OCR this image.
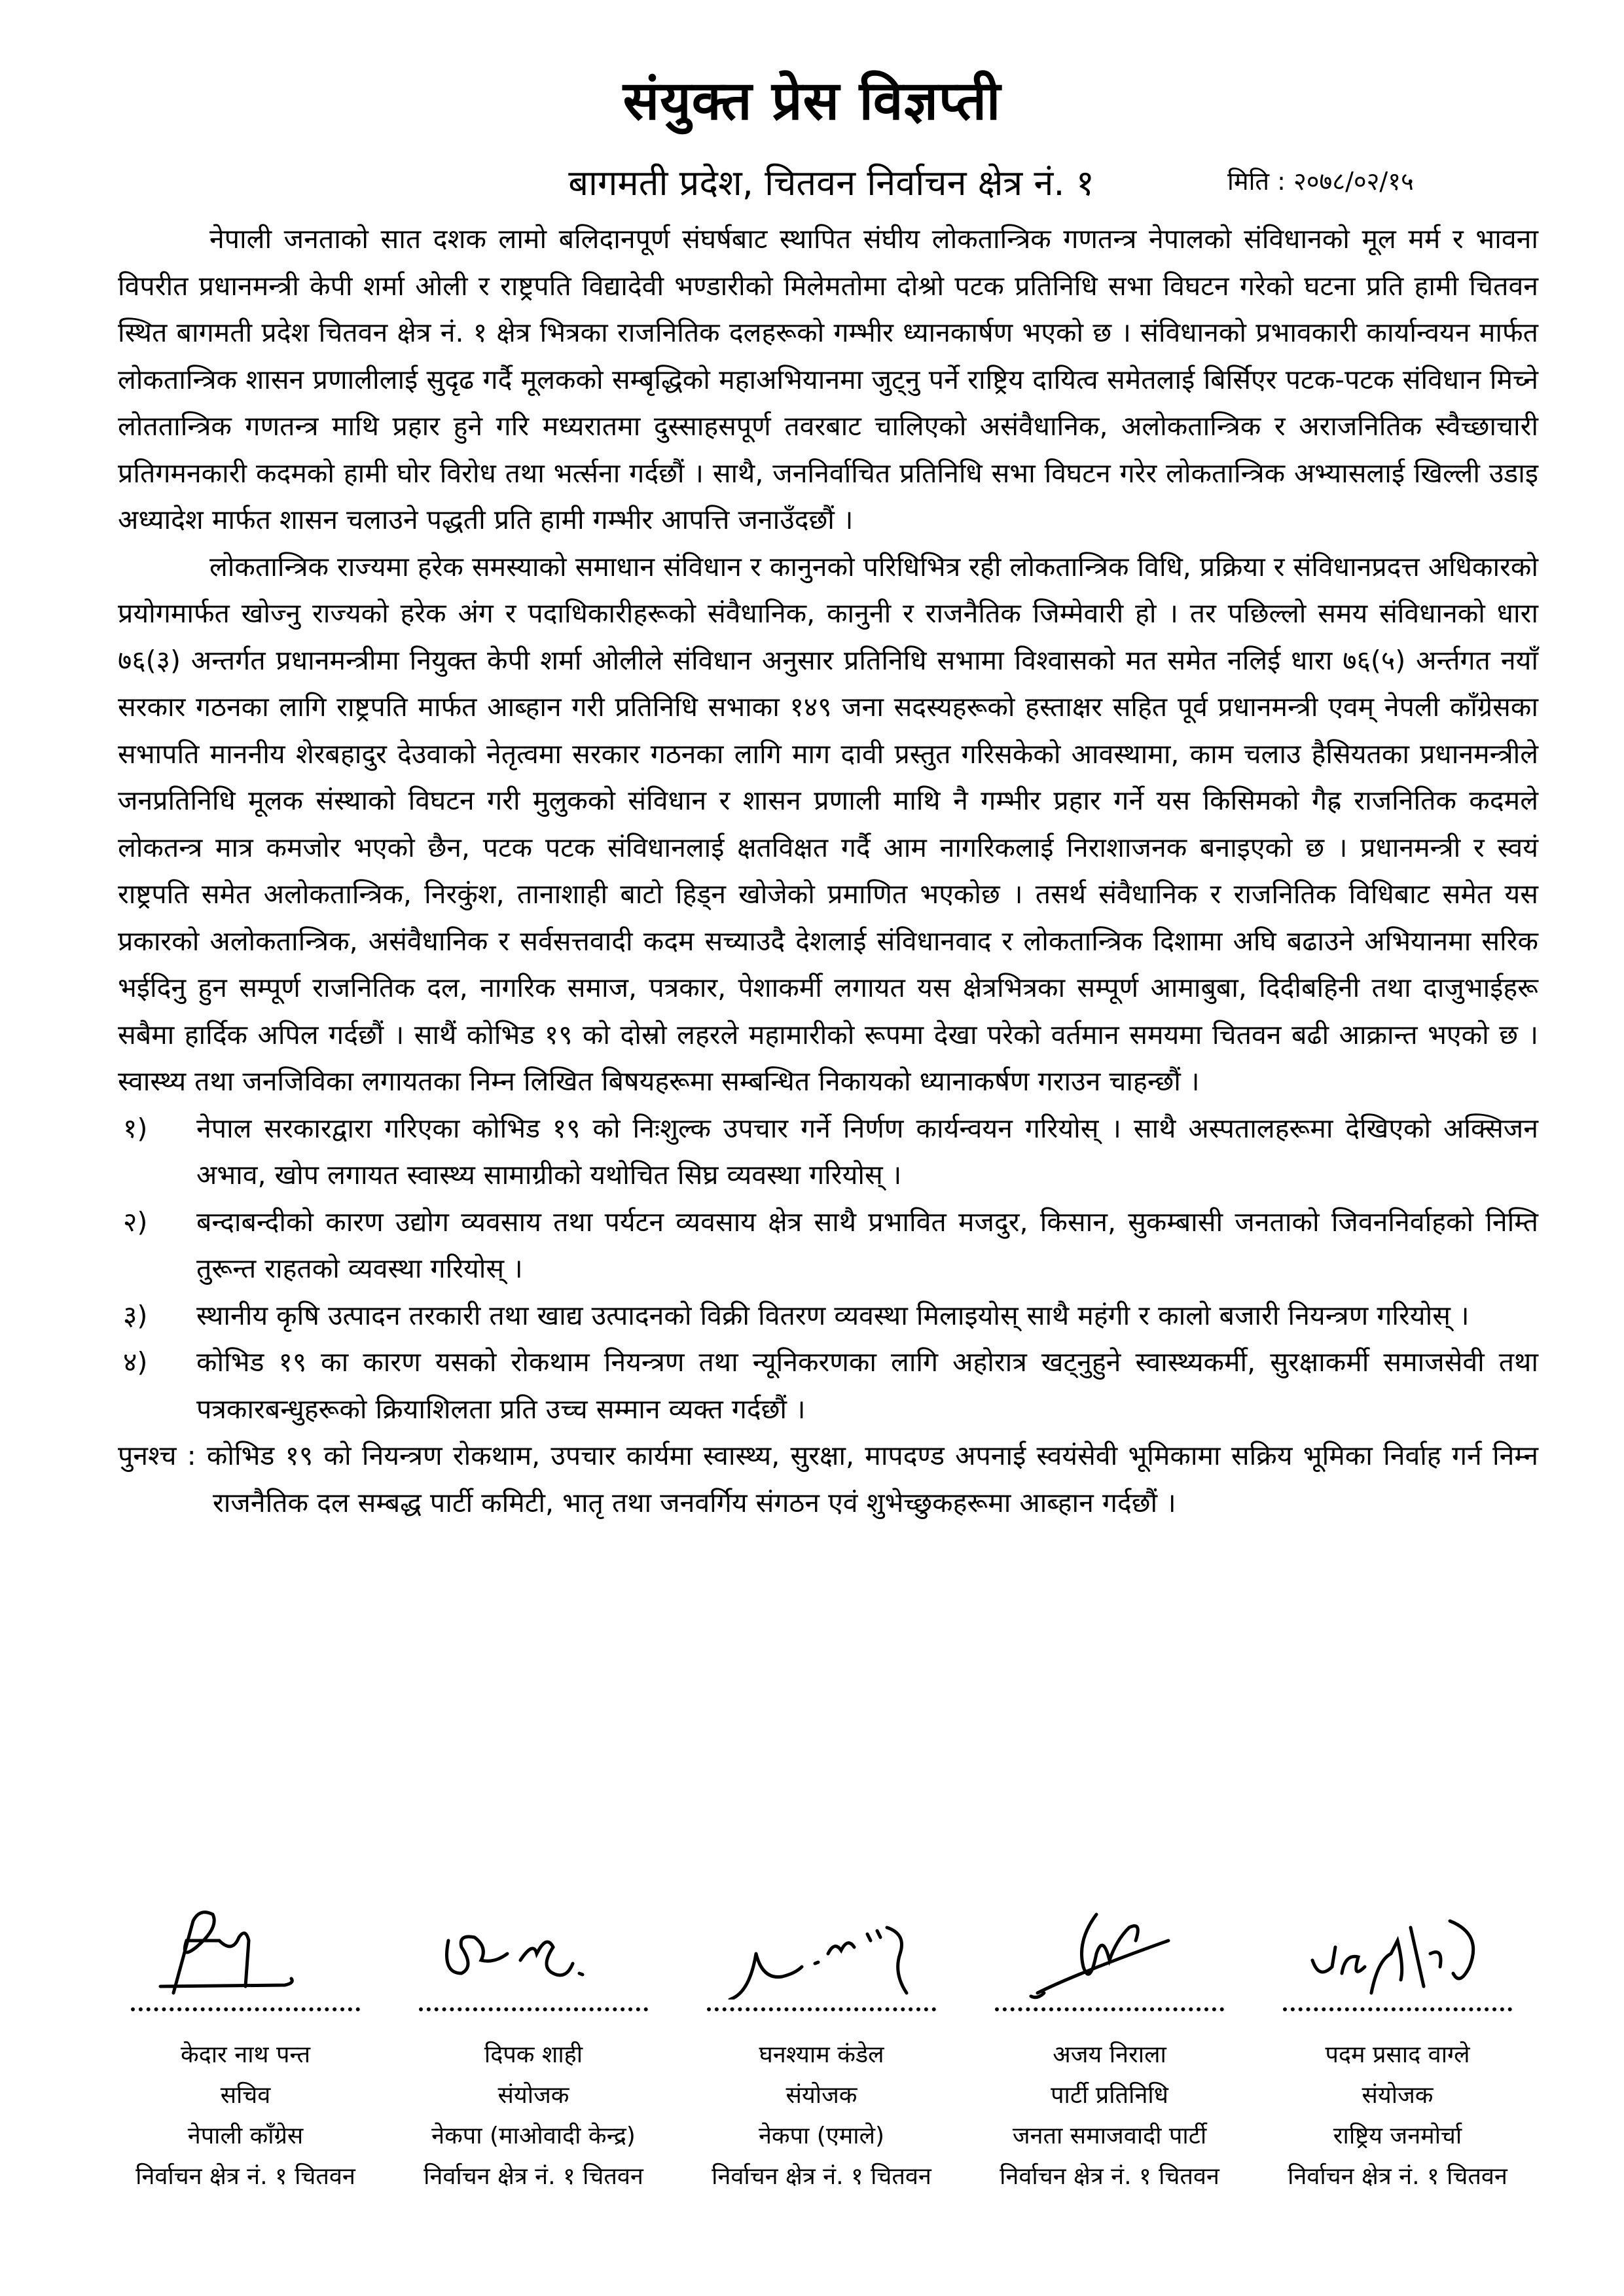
संयुक्त प्रेस विज्ञप्ती
बागमती प्रदेश, चितवन निर्वाचन क्षेत्र नं. १	मिति : २०७८/०२/१५

नेपाली जनताको सात दशक लामो बलिदानपूर्ण संघर्षबाट स्थापित संघीय लोकतान्त्रिक गणतन्त्र नेपालको संविधानको मूल मर्म र भावना विपरीत प्रधानमन्त्री केपी शर्मा ओली र राष्ट्रपति विद्यादेवी भण्डारीको मिलेमतोमा दोश्रो पटक प्रतिनिधि सभा विघटन गरेको घटना प्रति हामी चितवन स्थित बागमती प्रदेश चितवन क्षेत्र नं. १ क्षेत्र भित्रका राजनितिक दलहरूको गम्भीर ध्यानकार्षण भएको छ । संविधानको प्रभावकारी कार्यान्वयन मार्फत लोकतान्त्रिक शासन प्रणालीलाई सुदृढ गर्दै मूलकको सम्बृद्धिको महाअभियानमा जुट्नु पर्ने राष्ट्रिय दायित्व समेतलाई बिर्सिएर पटक-पटक संविधान मिच्ने लोततान्त्रिक गणतन्त्र माथि प्रहार हुने गरि मध्यरातमा दुस्साहसपूर्ण तवरबाट चालिएको असंवैधानिक, अलोकतान्त्रिक र अराजनितिक स्वैच्छाचारी प्रतिगमनकारी कदमको हामी घोर विरोध तथा भर्त्सना गर्दछौं । साथै, जननिर्वाचित प्रतिनिधि सभा विघटन गरेर लोकतान्त्रिक अभ्यासलाई खिल्ली उडाइ अध्यादेश मार्फत शासन चलाउने पद्धती प्रति हामी गम्भीर आपत्ति जनाउँदछौं ।

लोकतान्त्रिक राज्यमा हरेक समस्याको समाधान संविधान र कानुनको परिधिभित्र रही लोकतान्त्रिक विधि, प्रक्रिया र संविधानप्रदत्त अधिकारको प्रयोगमार्फत खोज्नु राज्यको हरेक अंग र पदाधिकारीहरूको संवैधानिक, कानुनी र राजनैतिक जिम्मेवारी हो । तर पछिल्लो समय संविधानको धारा ७६(३) अन्तर्गत प्रधानमन्त्रीमा नियुक्त केपी शर्मा ओलीले संविधान अनुसार प्रतिनिधि सभामा विश्वासको मत समेत नलिई धारा ७६(५) अर्न्तगत नयाँ सरकार गठनका लागि राष्ट्रपति मार्फत आब्हान गरी प्रतिनिधि सभाका १४९ जना सदस्यहरूको हस्ताक्षर सहित पूर्व प्रधानमन्त्री एवम् नेपली काँग्रेसका सभापति माननीय शेरबहादुर देउवाको नेतृत्वमा सरकार गठनका लागि माग दावी प्रस्तुत गरिसकेको आवस्थामा, काम चलाउ हैसियतका प्रधानमन्त्रीले जनप्रतिनिधि मूलक संस्थाको विघटन गरी मुलुकको संविधान र शासन प्रणाली माथि नै गम्भीर प्रहार गर्ने यस किसिमको गैह्र राजनितिक कदमले लोकतन्त्र मात्र कमजोर भएको छैन, पटक पटक संविधानलाई क्षतविक्षत गर्दै आम नागरिकलाई निराशाजनक बनाइएको छ । प्रधानमन्त्री र स्वयं राष्ट्रपति समेत अलोकतान्त्रिक, निरकुंश, तानाशाही बाटो हिड्न खोजेको प्रमाणित भएकोछ । तसर्थ संवैधानिक र राजनितिक विधिबाट समेत यस प्रकारको अलोकतान्त्रिक, असंवैधानिक र सर्वसत्तवादी कदम सच्याउदै देशलाई संविधानवाद र लोकतान्त्रिक दिशामा अघि बढाउने अभियानमा सरिक भईदिनु हुन सम्पूर्ण राजनितिक दल, नागरिक समाज, पत्रकार, पेशाकर्मी लगायत यस क्षेत्रभित्रका सम्पूर्ण आमाबुबा, दिदीबहिनी तथा दाजुभाईहरू सबैमा हार्दिक अपिल गर्दछौं । साथैं कोभिड १९ को दोस्रो लहरले महामारीको रूपमा देखा परेको वर्तमान समयमा चितवन बढी आक्रान्त भएको छ । स्वास्थ्य तथा जनजिविका लगायतका निम्न लिखित बिषयहरूमा सम्बन्धित निकायको ध्यानाकर्षण गराउन चाहन्छौं ।

१) नेपाल सरकारद्वारा गरिएका कोभिड १९ को निःशुल्क उपचार गर्ने निर्णण कार्यन्वयन गरियोस् । साथै अस्पतालहरूमा देखिएको अक्सिजन अभाव, खोप लगायत स्वास्थ्य सामाग्रीको यथोचित सिघ्र व्यवस्था गरियोस् ।
२) बन्दाबन्दीको कारण उद्योग व्यवसाय तथा पर्यटन व्यवसाय क्षेत्र साथै प्रभावित मजदुर, किसान, सुकम्बासी जनताको जिवननिर्वाहको निम्ति तुरून्त राहतको व्यवस्था गरियोस् ।
३) स्थानीय कृषि उत्पादन तरकारी तथा खाद्य उत्पादनको विक्री वितरण व्यवस्था मिलाइयोस् साथै महंगी र कालो बजारी नियन्त्रण गरियोस् ।
४) कोभिड १९ का कारण यसको रोकथाम नियन्त्रण तथा न्यूनिकरणका लागि अहोरात्र खट्नुहुने स्वास्थ्यकर्मी, सुरक्षाकर्मी समाजसेवी तथा पत्रकारबन्धुहरूको क्रियाशिलता प्रति उच्च सम्मान व्यक्त गर्दछौं ।

पुनश्च : कोभिड १९ को नियन्त्रण रोकथाम, उपचार कार्यमा स्वास्थ्य, सुरक्षा, मापदण्ड अपनाई स्वयंसेवी भूमिकामा सक्रिय भूमिका निर्वाह गर्न निम्न राजनैतिक दल सम्बद्ध पार्टी कमिटी, भातृ तथा जनवर्गिय संगठन एवं शुभेच्छुकहरूमा आब्हान गर्दछौं ।

केदार नाथ पन्त
सचिव
नेपाली काँग्रेस
निर्वाचन क्षेत्र नं. १ चितवन
दिपक शाही
संयोजक
नेकपा (माओवादी केन्द्र)
निर्वाचन क्षेत्र नं. १ चितवन
घनश्याम कंडेल
संयोजक
नेकपा (एमाले)
निर्वाचन क्षेत्र नं. १ चितवन
अजय निराला
पार्टी प्रतिनिधि
जनता समाजवादी पार्टी
निर्वाचन क्षेत्र नं. १ चितवन
पदम प्रसाद वाग्ले
संयोजक
राष्ट्रिय जनमोर्चा
निर्वाचन क्षेत्र नं. १ चितवन
